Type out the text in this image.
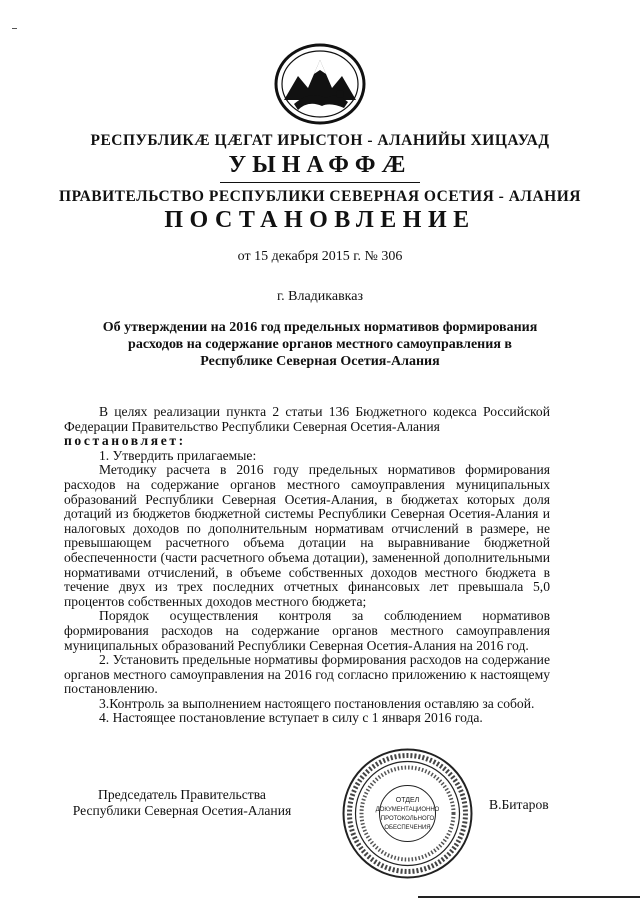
РЕСПУБЛИКӔ ЦӔГАТ ИРЫСТОН - АЛАНИЙЫ ХИЦАУАД
УЫНАФФӔ
ПРАВИТЕЛЬСТВО РЕСПУБЛИКИ СЕВЕРНАЯ ОСЕТИЯ - АЛАНИЯ
ПОСТАНОВЛЕНИЕ
от 15 декабря 2015 г. № 306
г. Владикавказ
Об утверждении на 2016 год предельных нормативов формирования
расходов на содержание органов местного самоуправления в
Республике Северная Осетия-Алания

В целях реализации пункта 2 статьи 136 Бюджетного кодекса Российской Федерации Правительство Республики Северная Осетия-Алания

постановляет:

1. Утвердить прилагаемые:

Методику расчета в 2016 году предельных нормативов формирования расходов на содержание органов местного самоуправления муниципальных образований Республики Северная Осетия-Алания, в бюджетах которых доля дотаций из бюджетов бюджетной системы Республики Северная Осетия-Алания и налоговых доходов по дополнительным нормативам отчислений в размере, не превышающем расчетного объема дотации на выравнивание бюджетной обеспеченности (части расчетного объема дотации), замененной дополнительными нормативами отчислений, в объеме собственных доходов местного бюджета в течение двух из трех последних отчетных финансовых лет превышала 5,0 процентов собственных доходов местного бюджета;

Порядок осуществления контроля за соблюдением нормативов формирования расходов на содержание органов местного самоуправления муниципальных образований Республики Северная Осетия-Алания на 2016 год.

2. Установить предельные нормативы формирования расходов на содержание органов местного самоуправления на 2016 год согласно приложению к настоящему постановлению.

3.Контроль за выполнением настоящего постановления оставляю за собой.

4. Настоящее постановление вступает в силу с 1 января 2016 года.

Председатель Правительства
Республики Северная Осетия-Алания
ОТДЕЛ
ДОКУМЕНТАЦИОННО
ПРОТОКОЛЬНОГО
ОБЕСПЕЧЕНИЯ
В.Битаров
